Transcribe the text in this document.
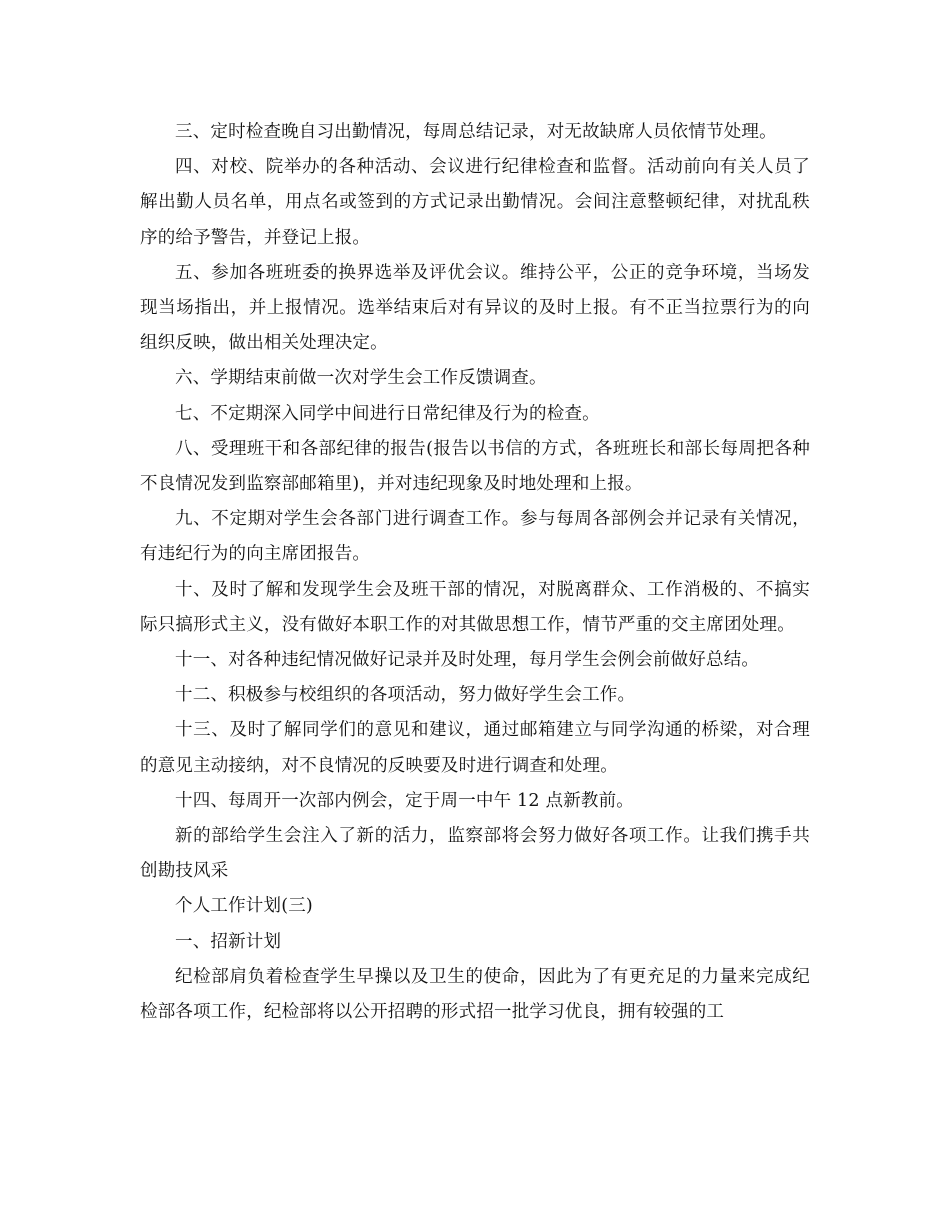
三、定时检查晚自习出勤情况，每周总结记录，对无故缺席人员依情节处理。

四、对校、院举办的各种活动、会议进行纪律检查和监督。活动前向有关人员了解出勤人员名单，用点名或签到的方式记录出勤情况。会间注意整顿纪律，对扰乱秩序的给予警告，并登记上报。

五、参加各班班委的换界选举及评优会议。维持公平，公正的竞争环境，当场发现当场指出，并上报情况。选举结束后对有异议的及时上报。有不正当拉票行为的向组织反映，做出相关处理决定。

六、学期结束前做一次对学生会工作反馈调查。

七、不定期深入同学中间进行日常纪律及行为的检查。

八、受理班干和各部纪律的报告(报告以书信的方式，各班班长和部长每周把各种不良情况发到监察部邮箱里)，并对违纪现象及时地处理和上报。

九、不定期对学生会各部门进行调查工作。参与每周各部例会并记录有关情况，有违纪行为的向主席团报告。

十、及时了解和发现学生会及班干部的情况，对脱离群众、工作消极的、不搞实际只搞形式主义，没有做好本职工作的对其做思想工作，情节严重的交主席团处理。

十一、对各种违纪情况做好记录并及时处理，每月学生会例会前做好总结。

十二、积极参与校组织的各项活动，努力做好学生会工作。

十三、及时了解同学们的意见和建议，通过邮箱建立与同学沟通的桥梁，对合理的意见主动接纳，对不良情况的反映要及时进行调查和处理。

十四、每周开一次部内例会，定于周一中午 12 点新教前。

新的部给学生会注入了新的活力，监察部将会努力做好各项工作。让我们携手共创勘技风采

个人工作计划(三)

一、招新计划

纪检部肩负着检查学生早操以及卫生的使命，因此为了有更充足的力量来完成纪检部各项工作，纪检部将以公开招聘的形式招一批学习优良，拥有较强的工
